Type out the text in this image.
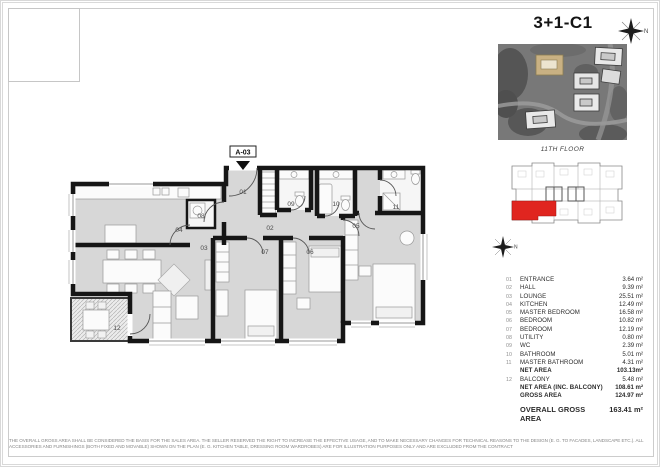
A-03
01
02
03
04
05
06
07
08
09	10	11
12
3+1-C1	N
11TH FLOOR
N
01	ENTRANCE	3.64 m²
02	HALL	9.39 m²
03	LOUNGE	25.51 m²
04	KITCHEN	12.49 m²
05	MASTER BEDROOM	16.58 m²
06	BEDROOM	10.82 m²
07	BEDROOM	12.19 m²
08	UTILITY	0.80 m²
09	WC	2.39 m²
10	BATHROOM	5.01 m²
11	MASTER BATHROOM	4.31 m²
NET AREA	103.13m²
12	BALCONY	5.48 m²
NET AREA (INC. BALCONY)	108.61 m²
GROSS AREA	124.97 m²
OVERALL GROSS AREA
163.41 m²
THE OVERALL GROSS AREA SHALL BE CONSIDERED THE BASIS FOR THE SALES AREA. THE SELLER RESERVED THE RIGHT TO INCREASE THE EFFECTIVE USAGE, AND TO MAKE NECESSARY CHANGES FOR TECHNICAL REASONS TO THE DESIGN (E. G. TO FACADES, LANDSCAPE ETC.). ALL
ACCESSORIES AND FURNISHINGS (BOTH FIXED AND MOVABLE) SHOWN ON THE PLAN (E. G. KITCHEN TABLE, DRESSING ROOM WARDROBES) ARE FOR ILLUSTRATION PURPOSES ONLY AND ARE EXCLUDED FROM THE CONTRACT
